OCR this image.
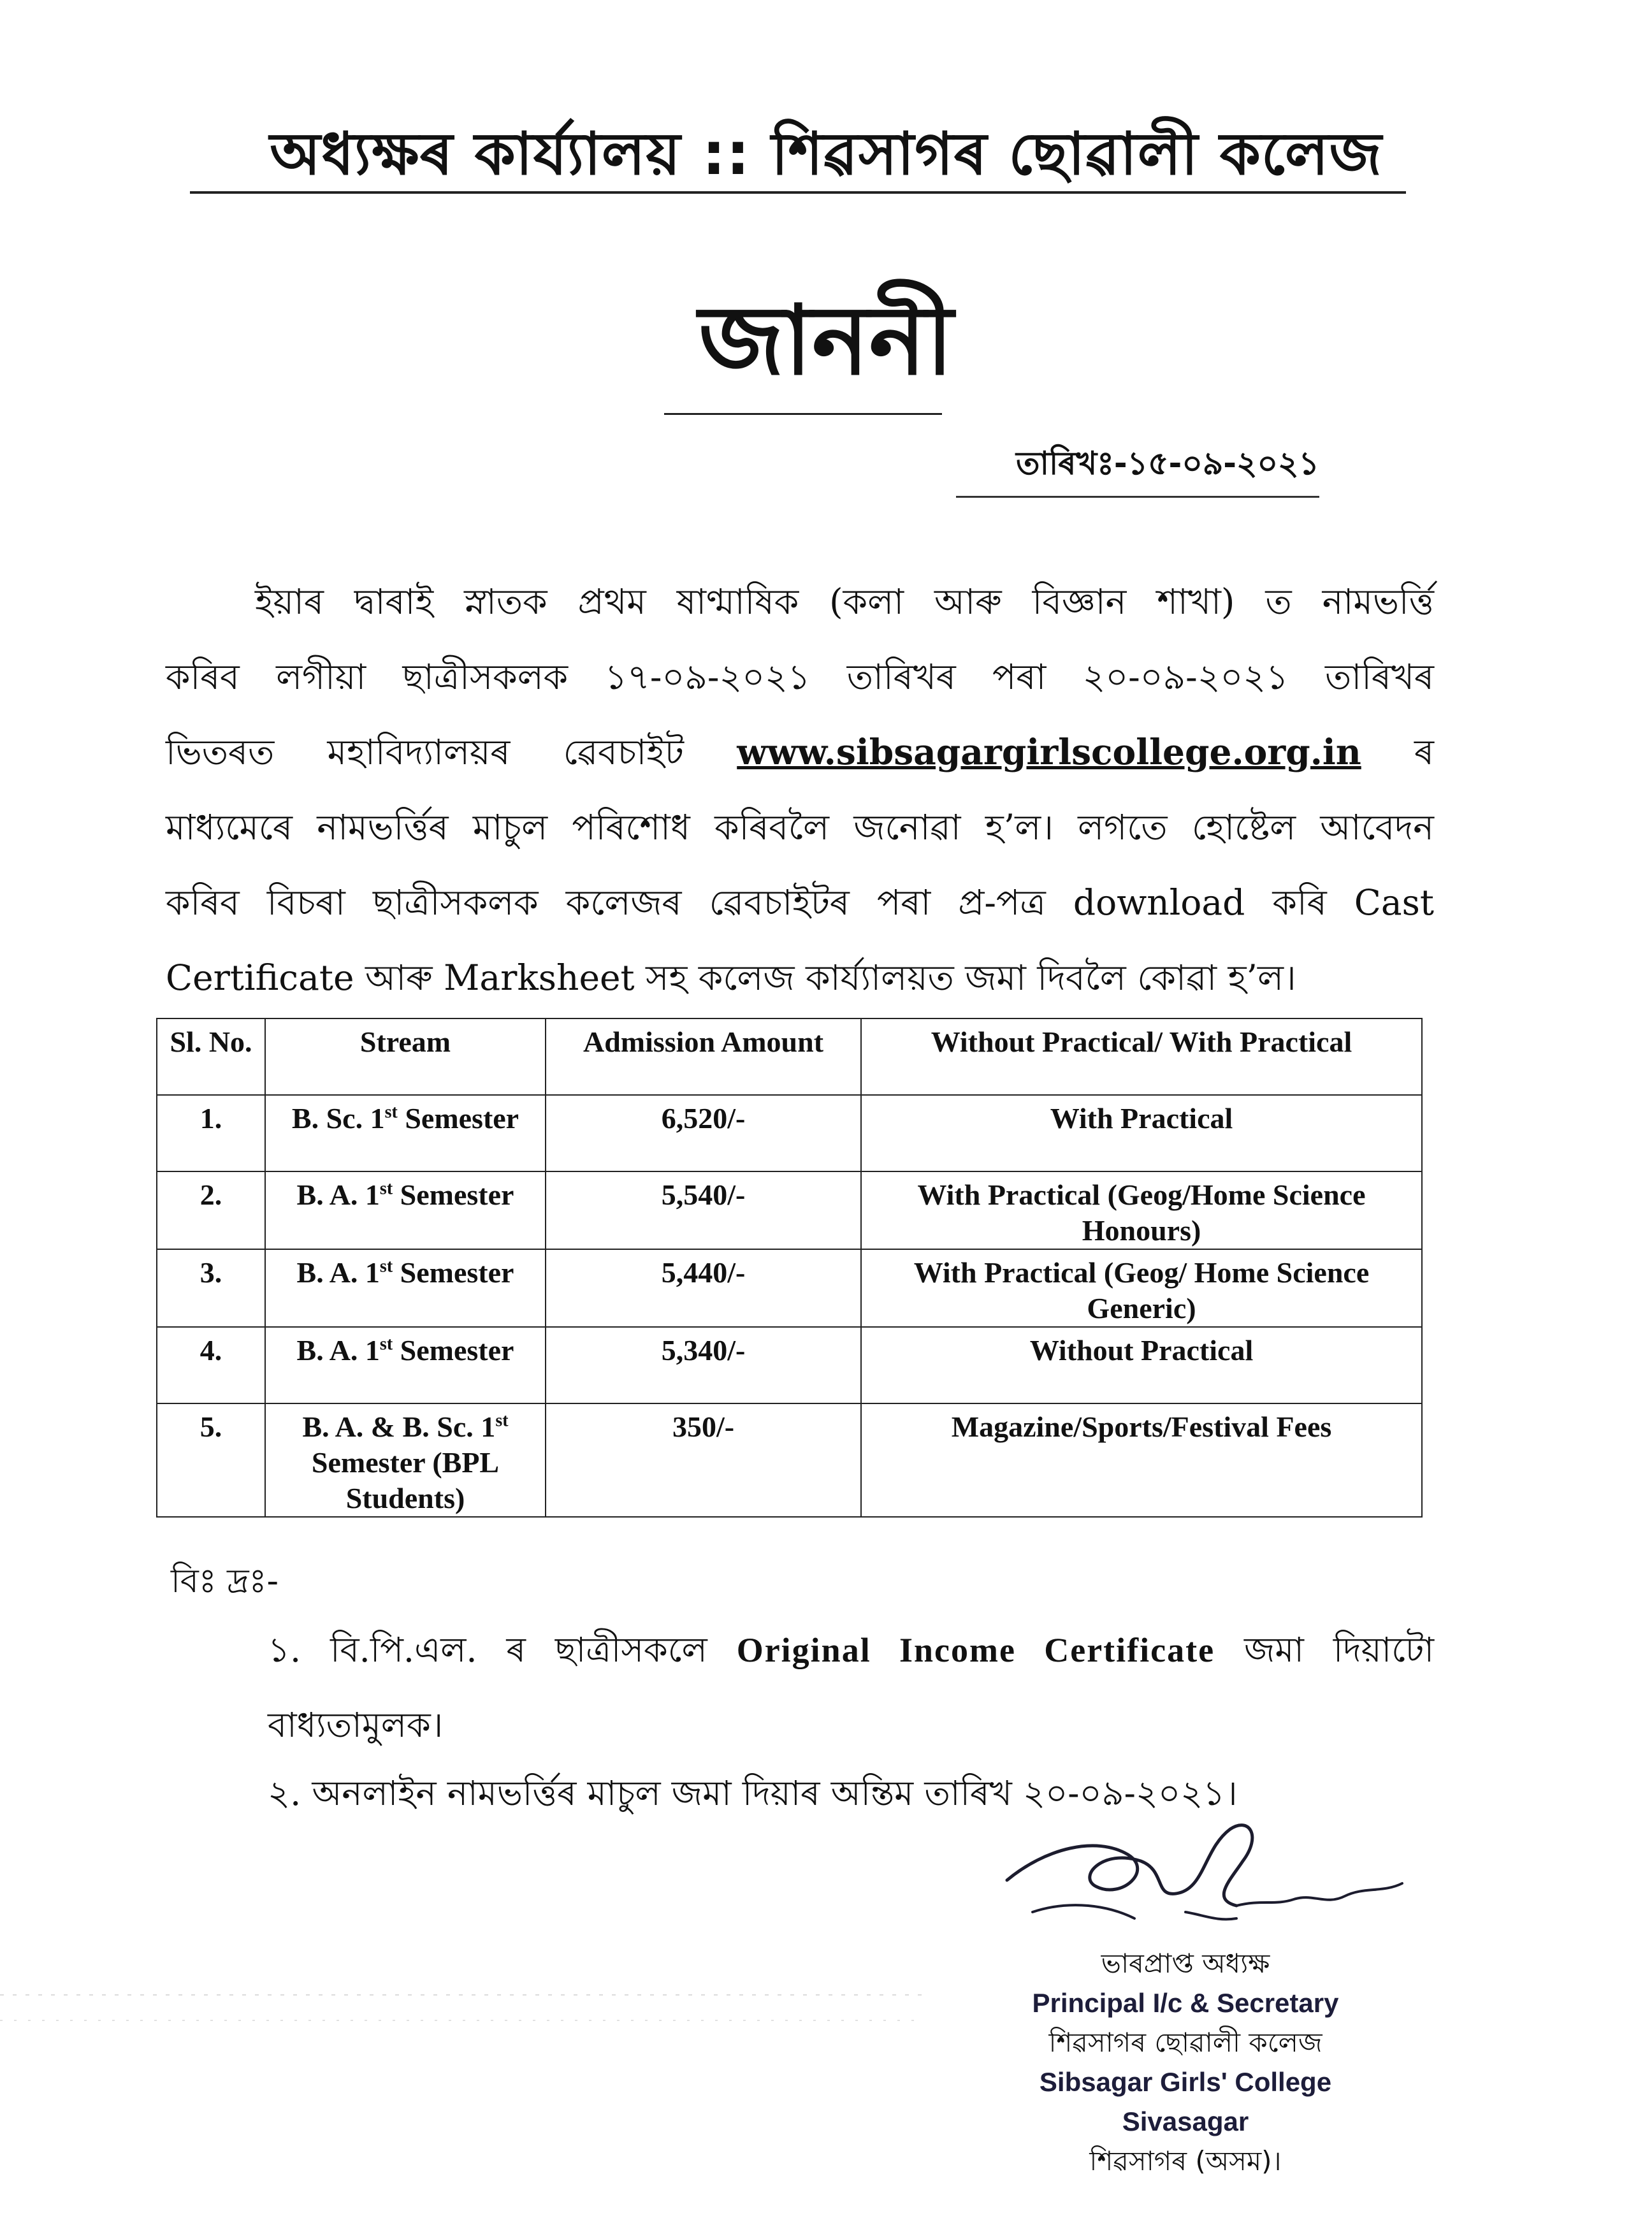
অধ্যক্ষৰ কাৰ্য্যালয় :: শিৱসাগৰ ছোৱালী কলেজ
জাননী
তাৰিখঃ-১৫-০৯-২০২১
ইয়াৰ দ্বাৰাই স্নাতক প্ৰথম ষাণ্মাষিক (কলা আৰু বিজ্ঞান শাখা) ত নামভৰ্ত্তি
কৰিব লগীয়া ছাত্ৰীসকলক ১৭-০৯-২০২১ তাৰিখৰ পৰা ২০-০৯-২০২১ তাৰিখৰ
ভিতৰত মহাবিদ্যালয়ৰ ৱেবচাইট www.sibsagargirlscollege.org.in ৰ
মাধ্যমেৰে নামভৰ্ত্তিৰ মাচুল পৰিশোধ কৰিবলৈ জনোৱা হ’ল। লগতে হোষ্টেল আবেদন
কৰিব বিচৰা ছাত্ৰীসকলক কলেজৰ ৱেবচাইটৰ পৰা প্ৰ-পত্ৰ download কৰি Cast
Certificate আৰু Marksheet সহ কলেজ কাৰ্য্যালয়ত জমা দিবলৈ কোৱা হ’ল।
Sl. No.	Stream	Admission Amount	Without Practical/ With Practical
1.	B. Sc. 1st Semester	6,520/-	With Practical
2.	B. A. 1st Semester	5,540/-	With Practical (Geog/Home Science Honours)
3.	B. A. 1st Semester	5,440/-	With Practical (Geog/ Home Science Generic)
4.	B. A. 1st Semester	5,340/-	Without Practical
5.	B. A. & B. Sc. 1st Semester (BPL Students)	350/-	Magazine/Sports/Festival Fees
বিঃ দ্ৰঃ-
১. বি.পি.এল. ৰ ছাত্ৰীসকলে Original Income Certificate জমা দিয়াটো
বাধ্যতামুলক।
২. অনলাইন নামভৰ্ত্তিৰ মাচুল জমা দিয়াৰ অন্তিম তাৰিখ ২০-০৯-২০২১।
ভাৰপ্ৰাপ্ত অধ্যক্ষ
Principal I/c & Secretary
শিৱসাগৰ ছোৱালী কলেজ
Sibsagar Girls' College
Sivasagar
শিৱসাগৰ (অসম)।
